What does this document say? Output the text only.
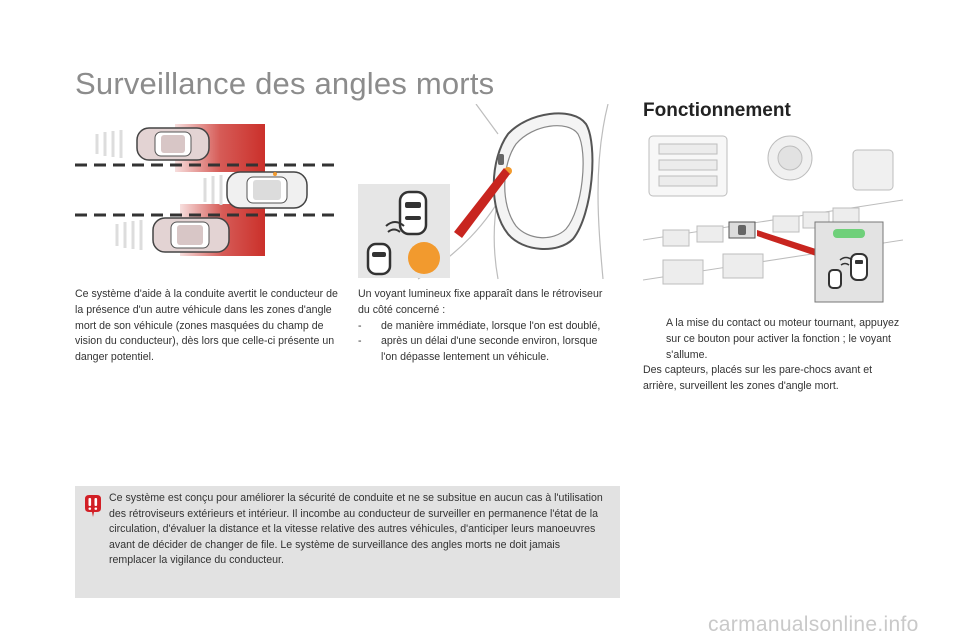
Surveillance des angles morts
Fonctionnement
Ce système d'aide à la conduite avertit le conducteur de la présence d'un autre véhicule dans les zones d'angle mort de son véhicule (zones masquées du champ de vision du conducteur), dès lors que celle-ci présente un danger potentiel.
Un voyant lumineux fixe apparaît dans le rétroviseur du côté concerné :
-	de manière immédiate, lorsque l'on est doublé,
-	après un délai d'une seconde environ, lorsque l'on dépasse lentement un véhicule.
A la mise du contact ou moteur tournant, appuyez sur ce bouton pour activer la fonction ; le voyant s'allume.
Des capteurs, placés sur les pare-chocs avant et arrière, surveillent les zones d'angle mort.
Ce système est conçu pour améliorer la sécurité de conduite et ne se subsitue en aucun cas à l'utilisation des rétroviseurs extérieurs et intérieur. Il incombe au conducteur de surveiller en permanence l'état de la circulation, d'évaluer la distance et la vitesse relative des autres véhicules, d'anticiper leurs manoeuvres avant de décider de changer de file. Le système de surveillance des angles morts ne doit jamais remplacer la vigilance du conducteur.
carmanualsonline.info
